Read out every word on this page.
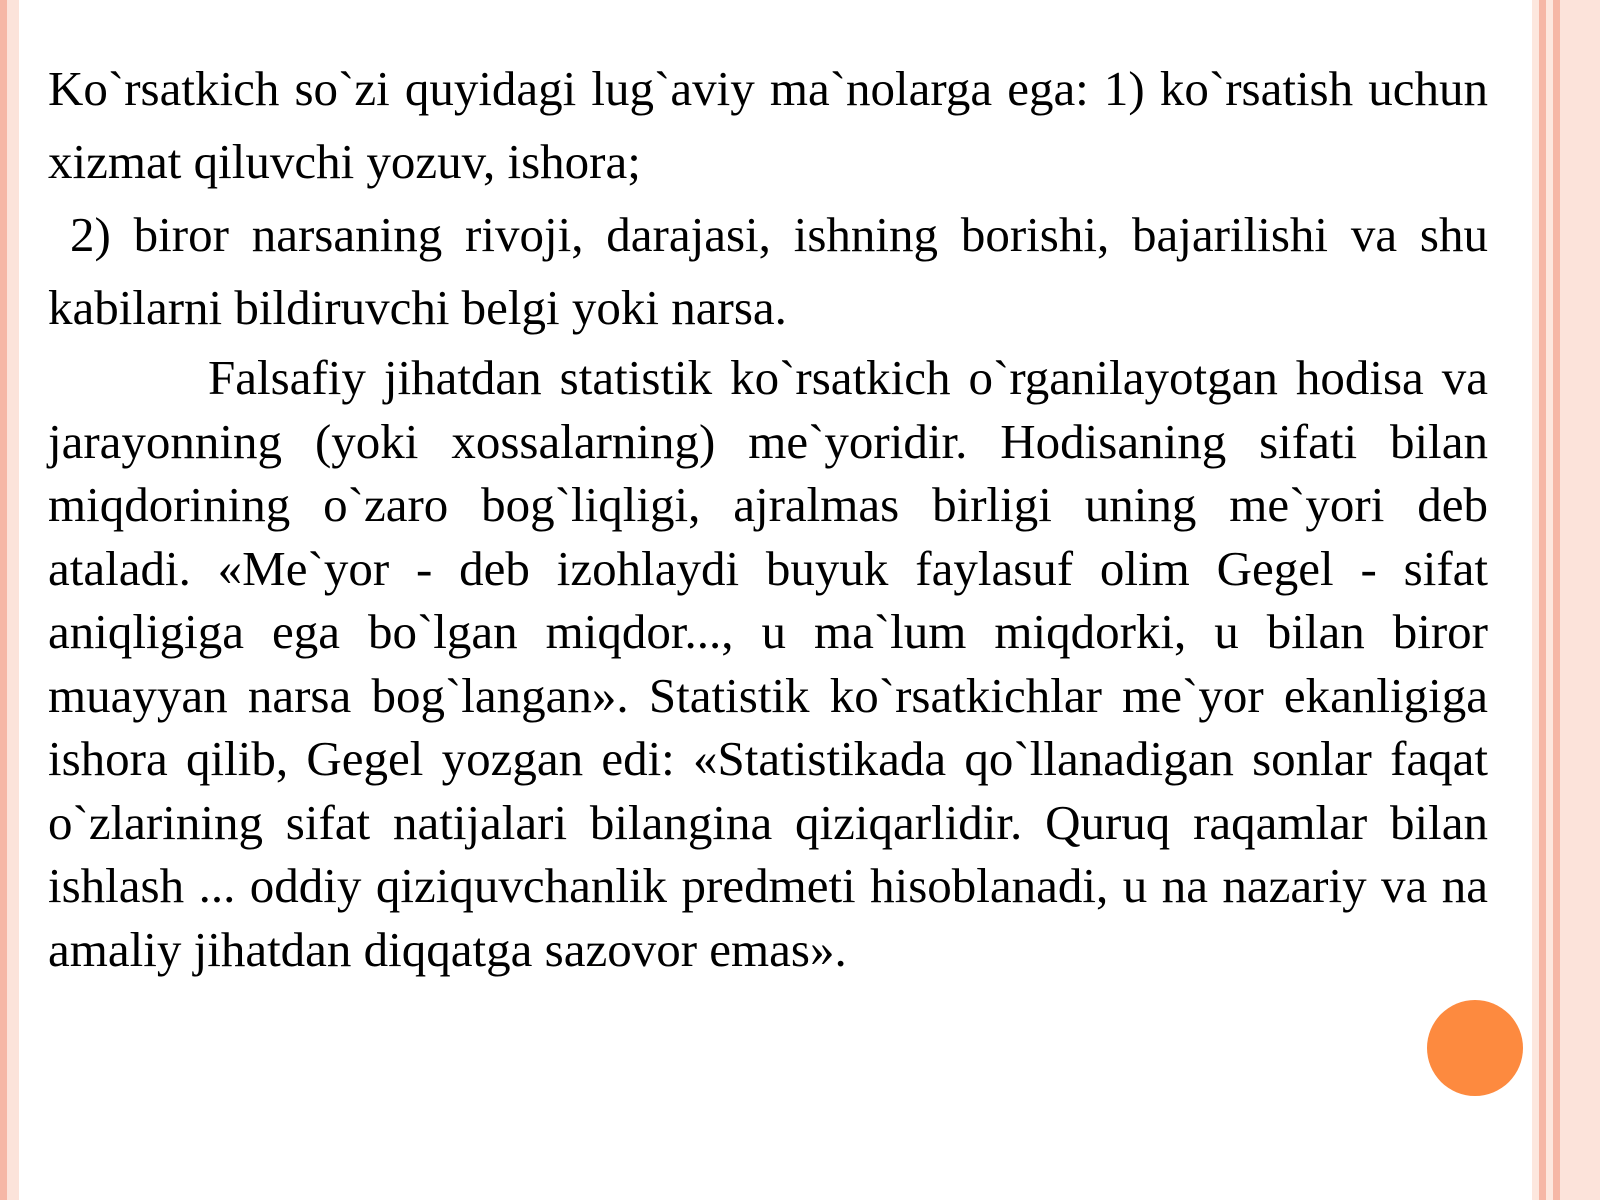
Ko`rsatkich so`zi quyidagi lug`aviy ma`nolarga ega: 1) ko`rsatish uchun xizmat qiluvchi yozuv, ishora;

2) biror narsaning rivoji, darajasi, ishning borishi, bajarilishi va shu kabilarni bildiruvchi belgi yoki narsa.

Falsafiy jihatdan statistik ko`rsatkich o`rganilayotgan hodisa va jarayonning (yoki xossalarning) me`yoridir. Hodisaning sifati bilan miqdorining o`zaro bog`liqligi, ajralmas birligi uning me`yori deb ataladi. «Me`yor - deb izohlaydi buyuk faylasuf olim Gegel - sifat aniqligiga ega bo`lgan miqdor..., u ma`lum miqdorki, u bilan biror muayyan narsa bog`langan». Statistik ko`rsatkichlar me`yor ekanligiga ishora qilib, Gegel yozgan edi: «Statistikada qo`llanadigan sonlar faqat o`zlarining sifat natijalari bilangina qiziqarlidir. Quruq raqamlar bilan ishlash ... oddiy qiziquvchanlik predmeti hisoblanadi, u na nazariy va na amaliy jihatdan diqqatga sazovor emas».
